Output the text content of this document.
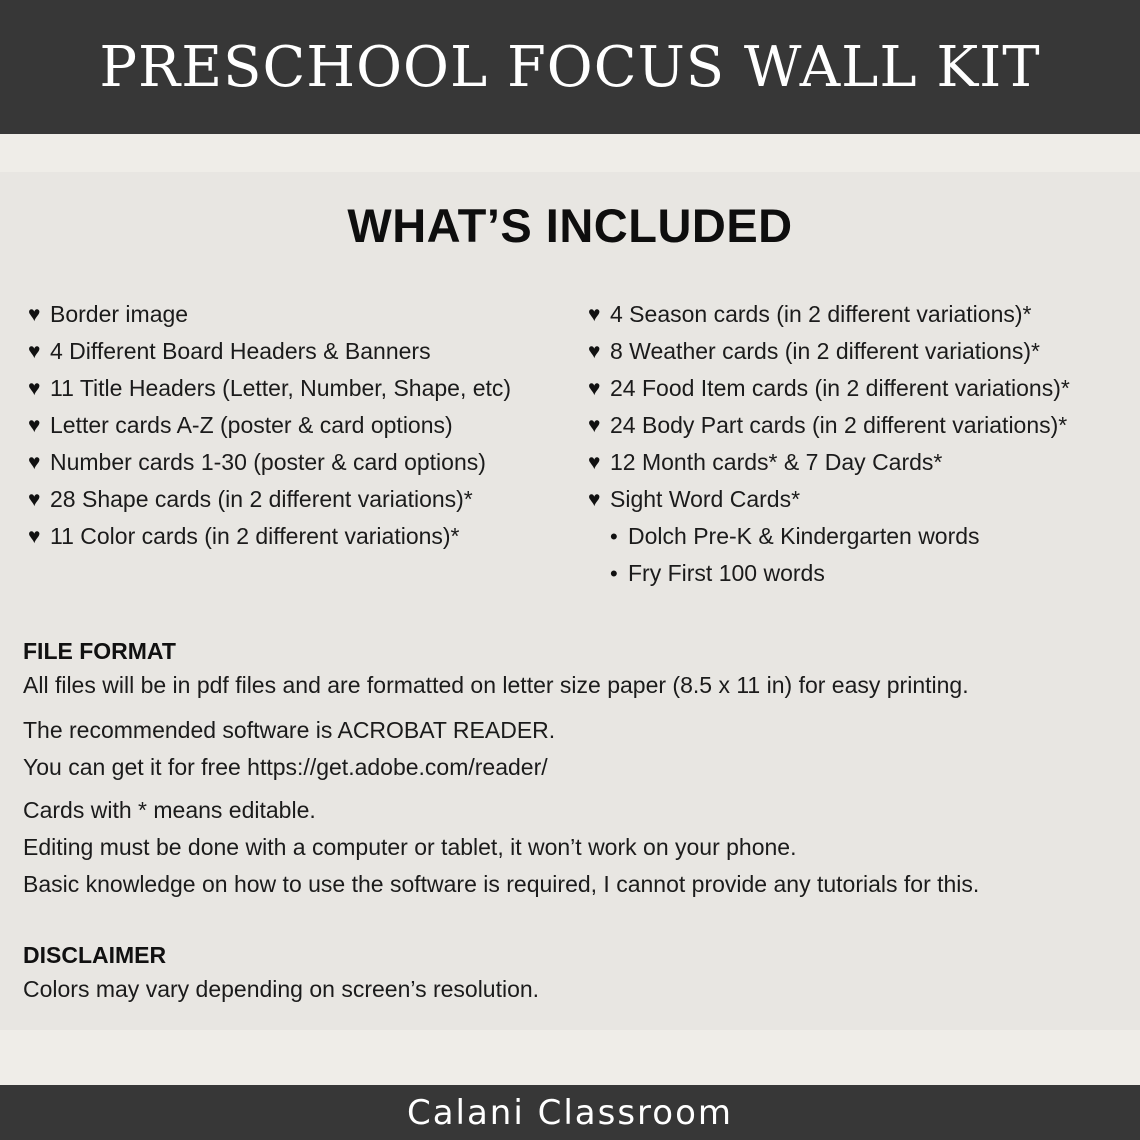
PRESCHOOL FOCUS WALL KIT
WHAT’S INCLUDED
♥ Border image
♥ 4 Different Board Headers & Banners
♥ 11 Title Headers (Letter, Number, Shape, etc)
♥ Letter cards A-Z (poster & card options)
♥ Number cards 1-30 (poster & card options)
♥ 28 Shape cards (in 2 different variations)*
♥ 11 Color cards (in 2 different variations)*
♥ 4 Season cards (in 2 different variations)*
♥ 8 Weather cards (in 2 different variations)*
♥ 24 Food Item cards (in 2 different variations)*
♥ 24 Body Part cards (in 2 different variations)*
♥ 12 Month cards* & 7 Day Cards*
♥ Sight Word Cards*
• Dolch Pre-K & Kindergarten words
• Fry First 100 words
FILE FORMAT
All files will be in pdf files and are formatted on letter size paper (8.5 x 11 in) for easy printing.
The recommended software is ACROBAT READER.
You can get it for free https://get.adobe.com/reader/
Cards with * means editable.
Editing must be done with a computer or tablet, it won’t work on your phone.
Basic knowledge on how to use the software is required, I cannot provide any tutorials for this.
DISCLAIMER
Colors may vary depending on screen’s resolution.
Calani Classroom
